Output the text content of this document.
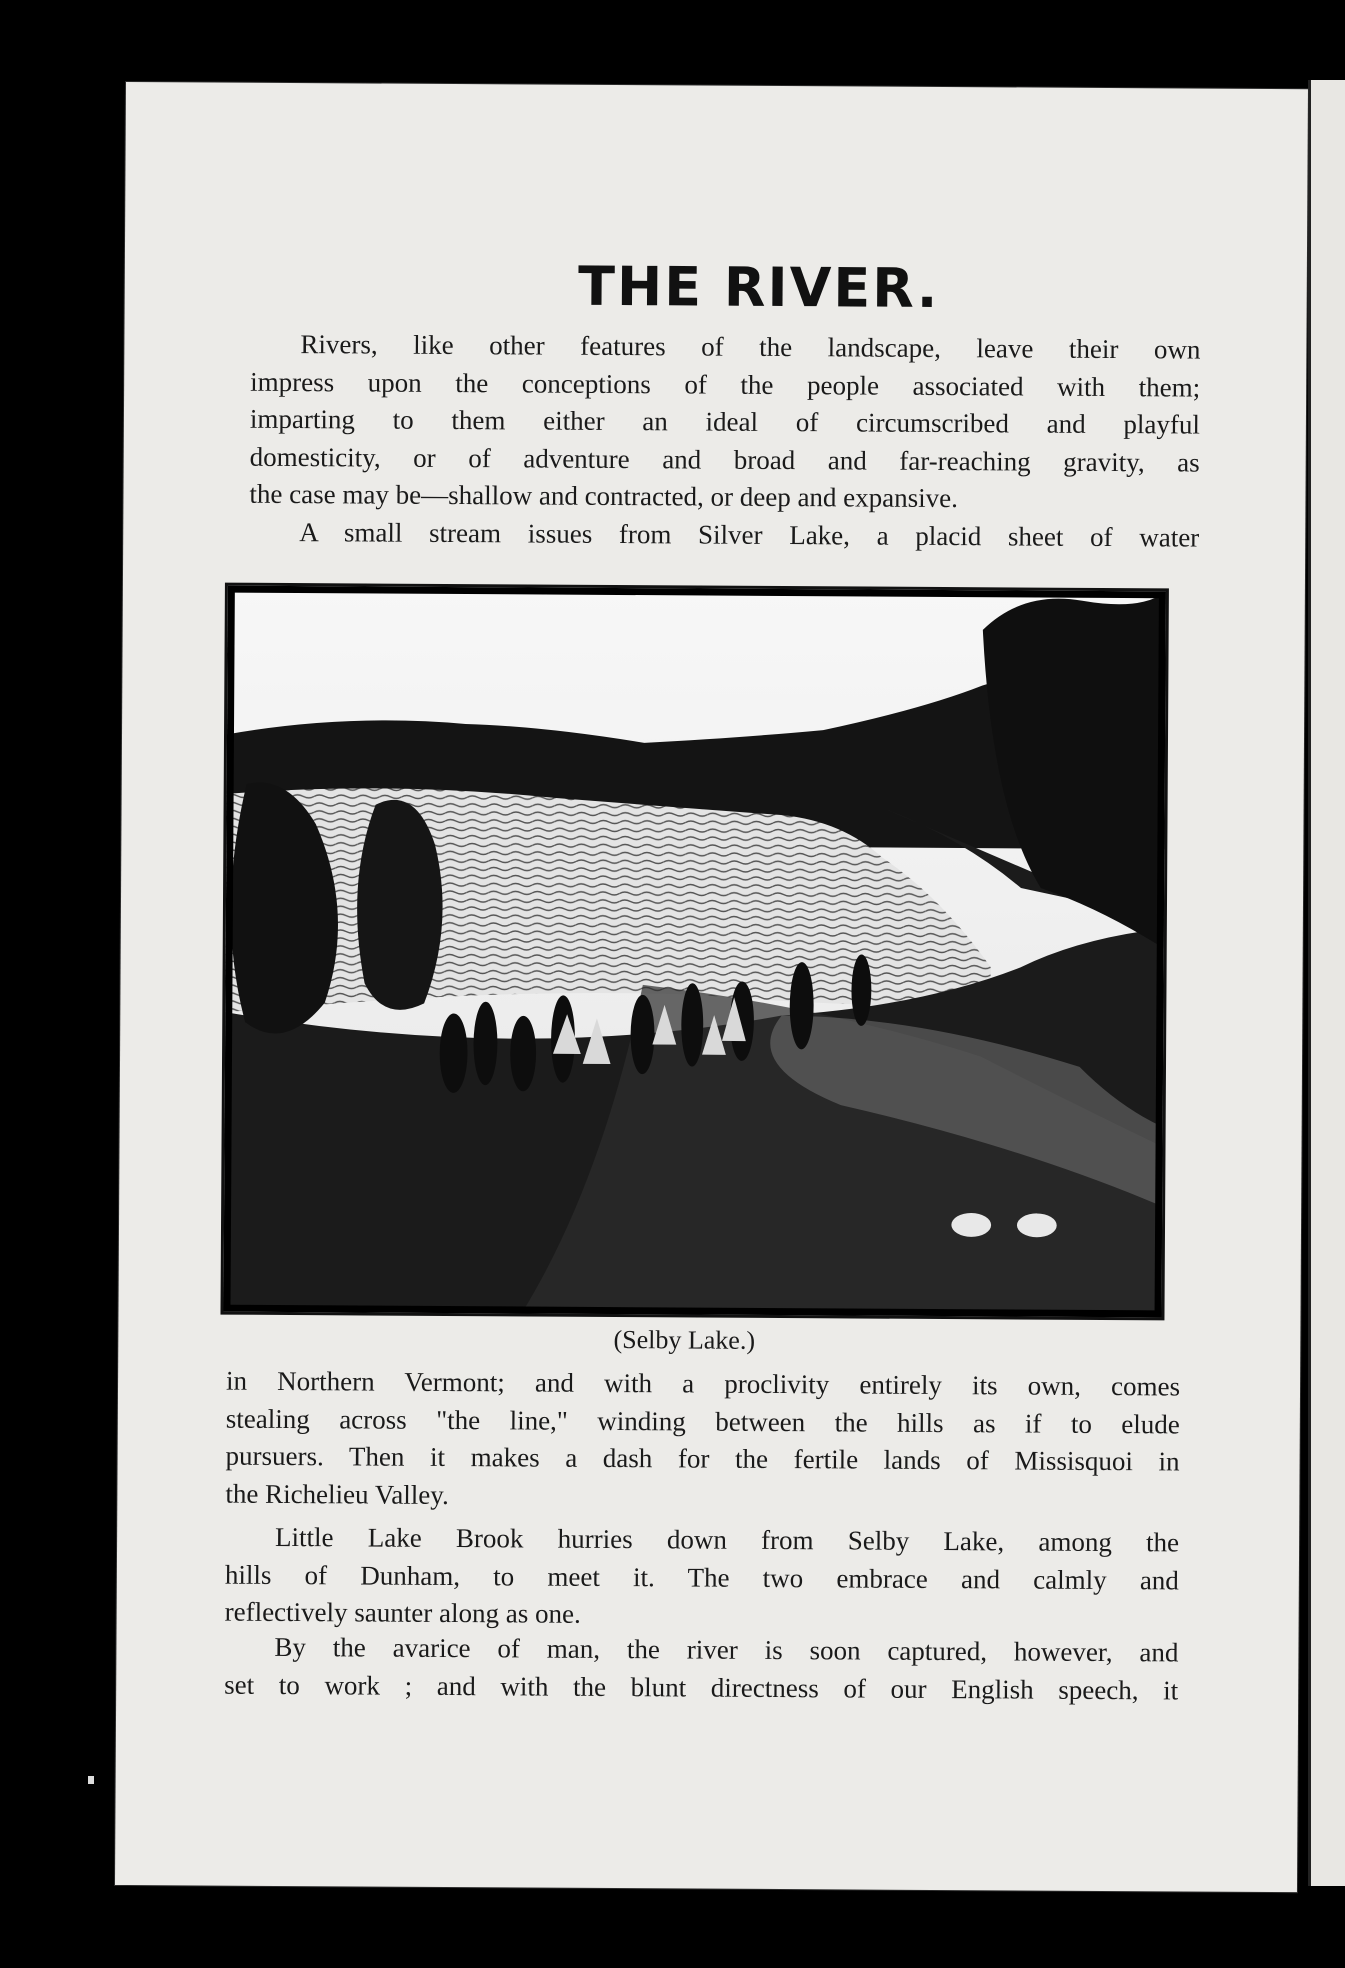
THE RIVER.

Rivers, like other features of the landscape, leave their own
impress upon the conceptions of the people associated with them;
imparting to them either an ideal of circumscribed and playful
domesticity, or of adventure and broad and far-reaching gravity, as
the case may be—shallow and contracted, or deep and expansive.
A small stream issues from Silver Lake, a placid sheet of water

(Selby Lake.)

in Northern Vermont; and with a proclivity entirely its own, comes
stealing across "the line," winding between the hills as if to elude
pursuers. Then it makes a dash for the fertile lands of Missisquoi in
the Richelieu Valley.

Little Lake Brook hurries down from Selby Lake, among the
hills of Dunham, to meet it. The two embrace and calmly and
reflectively saunter along as one.

By the avarice of man, the river is soon captured, however, and
set to work ; and with the blunt directness of our English speech, it
